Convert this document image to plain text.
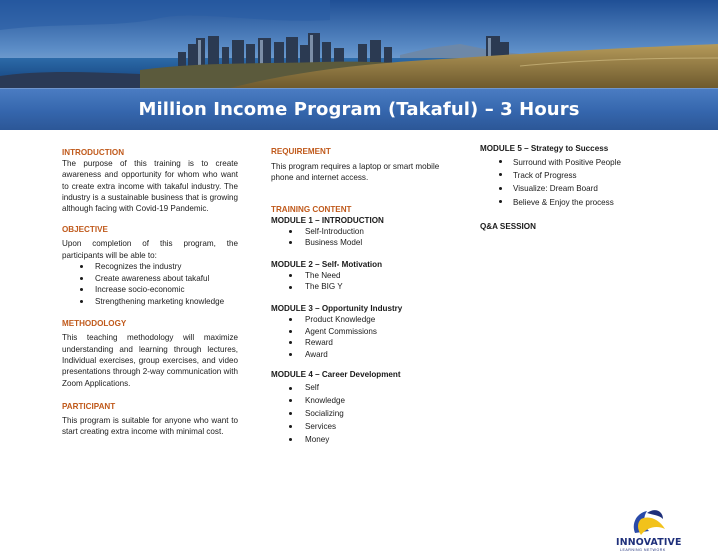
Million Income Program (Takaful) – 3 Hours
INTRODUCTION

The purpose of this training is to create awareness and opportunity for whom who want to create extra income with takaful industry. The industry is a sustainable business that is growing although facing with Covid-19 Pandemic.

OBJECTIVE

Upon completion of this program, the participants will be able to:

Recognizes the industry
Create awareness about takaful
Increase socio-economic
Strengthening marketing knowledge
METHODOLOGY

This teaching methodology will maximize understanding and learning through lectures, Individual exercises, group exercises, and video presentations through 2-way communication with Zoom Applications.

PARTICIPANT

This program is suitable for anyone who want to start creating extra income with minimal cost.

REQUIREMENT

This program requires a laptop or smart mobile phone and internet access.

TRAINING CONTENT
MODULE 1 – INTRODUCTION
Self-Introduction
Business Model
MODULE 2 – Self- Motivation
The Need
The BIG Y
MODULE 3 – Opportunity Industry
Product Knowledge
Agent Commissions
Reward
Award
MODULE 4 – Career Development
Self
Knowledge
Socializing
Services
Money
MODULE 5 – Strategy to Success
Surround with Positive People
Track of Progress
Visualize: Dream Board
Believe & Enjoy the process
Q&A SESSION
INNOVATIVE
LEARNING NETWORK
